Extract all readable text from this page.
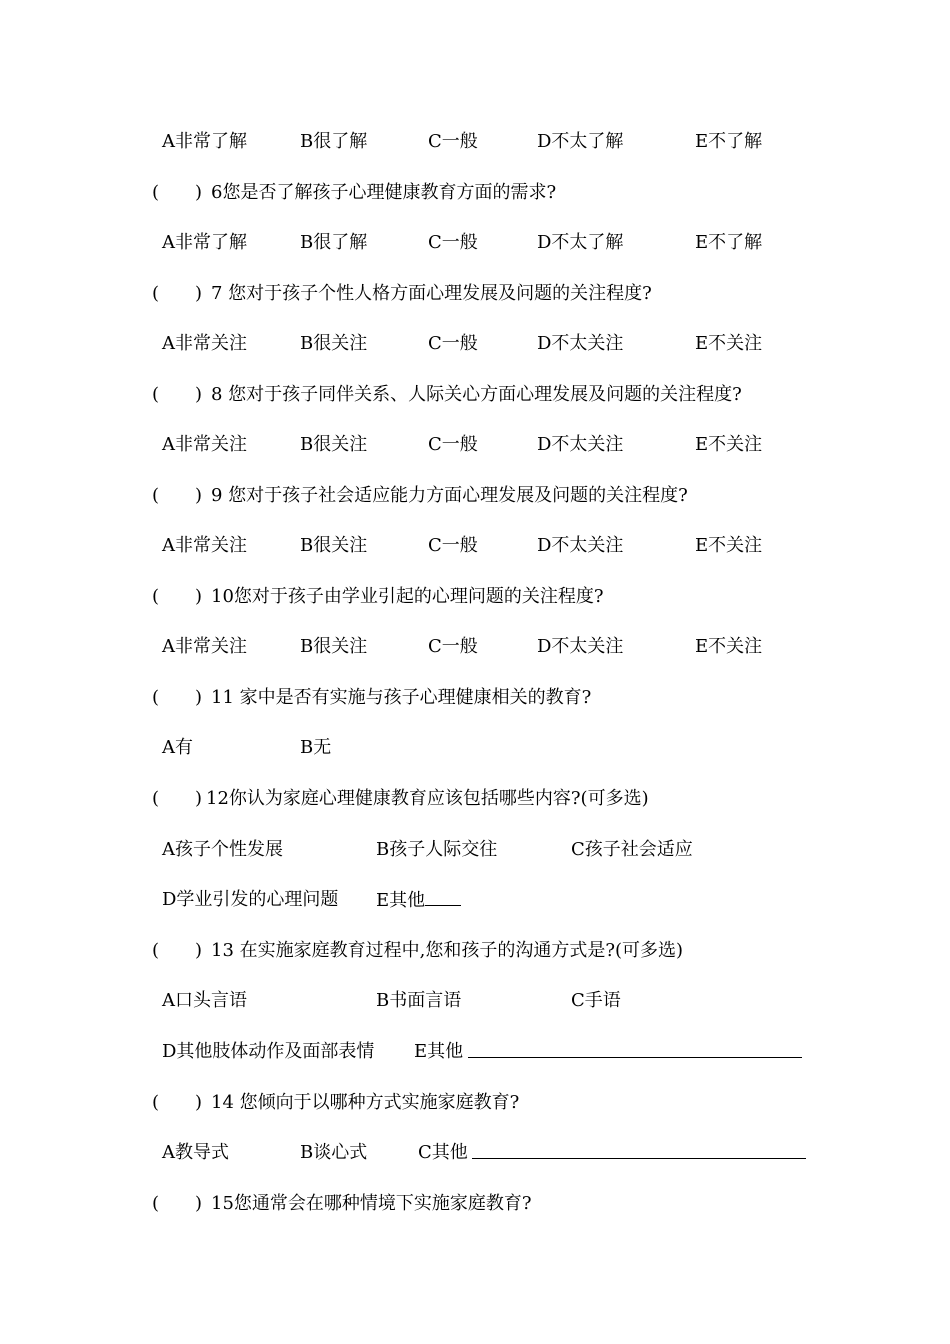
A非常了解	B很了解	C一般	D不太了解	E不了解
(　　) 6您是否了解孩子心理健康教育方面的需求?
A非常了解	B很了解	C一般	D不太了解	E不了解
(　　) 7 您对于孩子个性人格方面心理发展及问题的关注程度?
A非常关注	B很关注	C一般	D不太关注	E不关注
(　　) 8 您对于孩子同伴关系、人际关心方面心理发展及问题的关注程度?
A非常关注	B很关注	C一般	D不太关注	E不关注
(　　) 9 您对于孩子社会适应能力方面心理发展及问题的关注程度?
A非常关注	B很关注	C一般	D不太关注	E不关注
(　　) 10您对于孩子由学业引起的心理问题的关注程度?
A非常关注	B很关注	C一般	D不太关注	E不关注
(　　) 11 家中是否有实施与孩子心理健康相关的教育?
A有	B无
(　　) 12你认为家庭心理健康教育应该包括哪些内容?(可多选)
A孩子个性发展	B孩子人际交往	C孩子社会适应
D学业引发的心理问题 E其他
(　　) 13 在实施家庭教育过程中,您和孩子的沟通方式是?(可多选)
A口头言语	B书面言语	C手语
D其他肢体动作及面部表情 E其他
(　　) 14 您倾向于以哪种方式实施家庭教育?
A教导式	B谈心式	C其他
(　　) 15您通常会在哪种情境下实施家庭教育?
